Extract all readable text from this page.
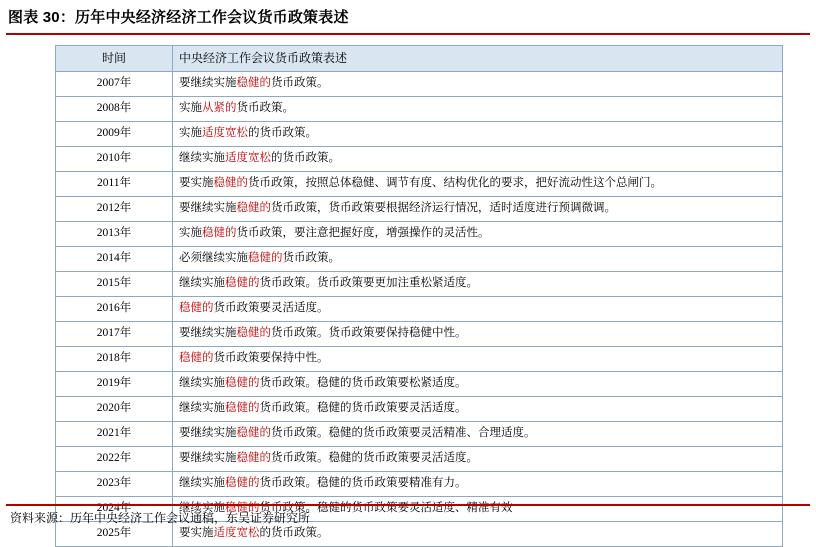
图表 30：历年中央经济经济工作会议货币政策表述
时间	中央经济工作会议货币政策表述
2007年	要继续实施稳健的货币政策。
2008年	实施从紧的货币政策。
2009年	实施适度宽松的货币政策。
2010年	继续实施适度宽松的货币政策。
2011年	要实施稳健的货币政策，按照总体稳健、调节有度、结构优化的要求，把好流动性这个总闸门。
2012年	要继续实施稳健的货币政策，货币政策要根据经济运行情况，适时适度进行预调微调。
2013年	实施稳健的货币政策，要注意把握好度，增强操作的灵活性。
2014年	必须继续实施稳健的货币政策。
2015年	继续实施稳健的货币政策。货币政策要更加注重松紧适度。
2016年	稳健的货币政策要灵活适度。
2017年	要继续实施稳健的货币政策。货币政策要保持稳健中性。
2018年	稳健的货币政策要保持中性。
2019年	继续实施稳健的货币政策。稳健的货币政策要松紧适度。
2020年	继续实施稳健的货币政策。稳健的货币政策要灵活适度。
2021年	要继续实施稳健的货币政策。稳健的货币政策要灵活精准、合理适度。
2022年	要继续实施稳健的货币政策。稳健的货币政策要灵活适度。
2023年	继续实施稳健的货币政策。稳健的货币政策要精准有力。
2024年	继续实施稳健的货币政策。稳健的货币政策要灵活适度、精准有效
2025年	要实施适度宽松的货币政策。
资料来源：历年中央经济工作会议通稿，东吴证券研究所
